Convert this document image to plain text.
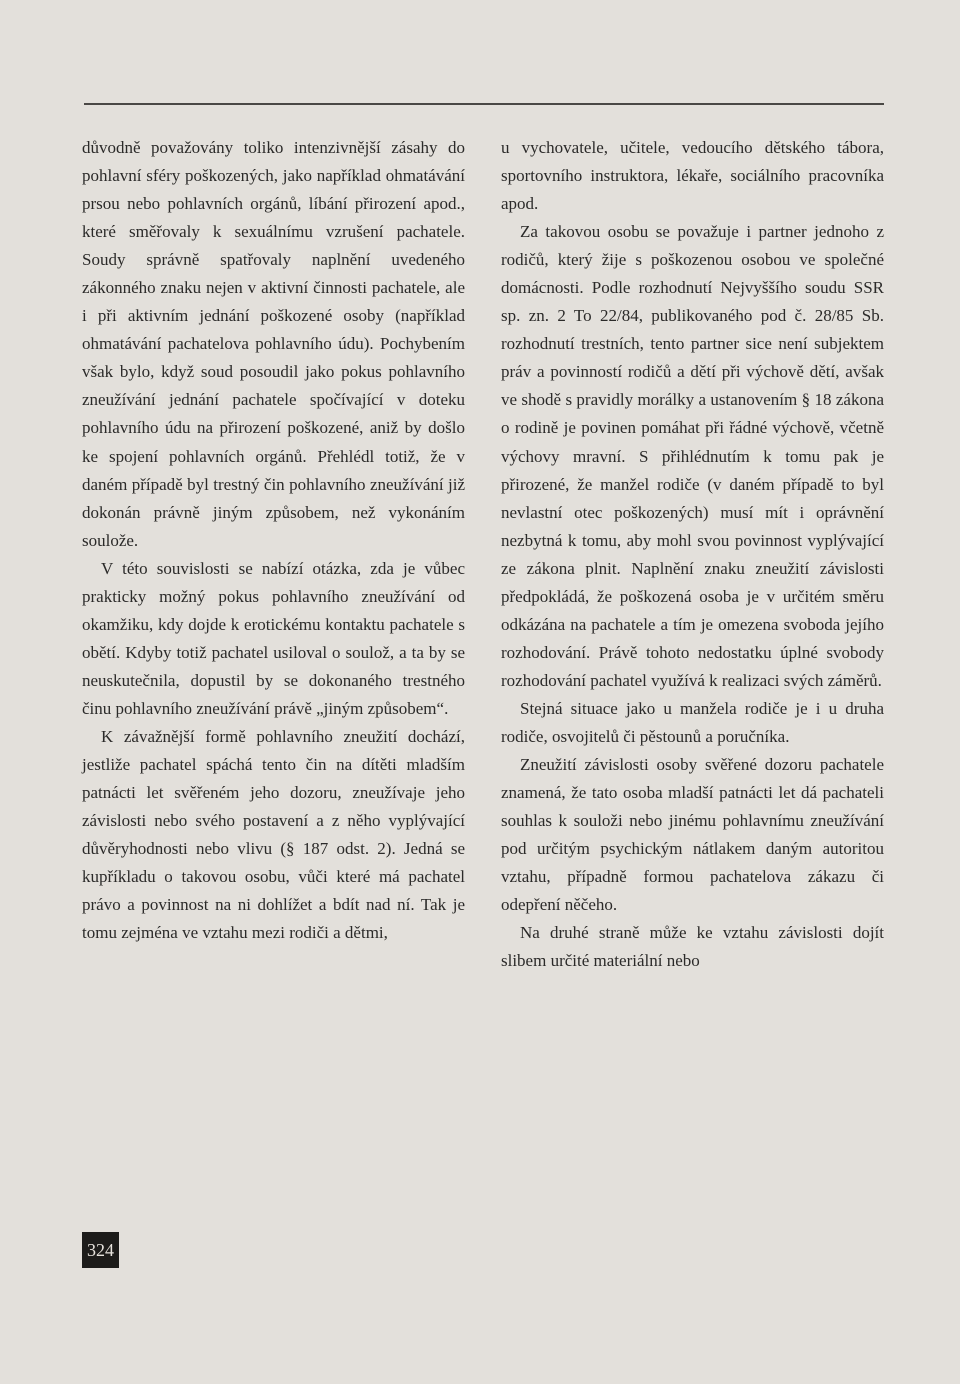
důvodně považovány toliko intenzivnější zásahy do pohlavní sféry poškozených, jako například ohmatávání prsou nebo pohlavních orgánů, líbání přirození apod., které směřovaly k sexuálnímu vzrušení pachatele. Soudy správně spatřovaly naplnění uvedeného zákonného znaku nejen v aktivní činnosti pachatele, ale i při aktivním jednání poškozené osoby (například ohmatávání pachatelova pohlavního údu). Pochybením však bylo, když soud posoudil jako pokus pohlavního zneužívání jednání pachatele spočívající v doteku pohlavního údu na přirození poškozené, aniž by došlo ke spojení pohlavních orgánů. Přehlédl totiž, že v daném případě byl trestný čin pohlavního zneužívání již dokonán právně jiným způsobem, než vykonáním soulože.

V této souvislosti se nabízí otázka, zda je vůbec prakticky možný pokus pohlavního zneužívání od okamžiku, kdy dojde k erotickému kontaktu pachatele s obětí. Kdyby totiž pachatel usiloval o soulož, a ta by se neuskutečnila, dopustil by se dokonaného trestného činu pohlavního zneužívání právě „jiným způsobem“.

K závažnější formě pohlavního zneužití dochází, jestliže pachatel spáchá tento čin na dítěti mladším patnácti let svěřeném jeho dozoru, zneužívaje jeho závislosti nebo svého postavení a z něho vyplývající důvěryhodnosti nebo vlivu (§ 187 odst. 2). Jedná se kupříkladu o takovou osobu, vůči které má pachatel právo a povinnost na ni dohlížet a bdít nad ní. Tak je tomu zejména ve vztahu mezi rodiči a dětmi,

u vychovatele, učitele, vedoucího dětského tábora, sportovního instruktora, lékaře, sociálního pracovníka apod.

Za takovou osobu se považuje i partner jednoho z rodičů, který žije s poškozenou osobou ve společné domácnosti. Podle rozhodnutí Nejvyššího soudu SSR sp. zn. 2 To 22/84, publikovaného pod č. 28/85 Sb. rozhodnutí trestních, tento partner sice není subjektem práv a povinností rodičů a dětí při výchově dětí, avšak ve shodě s pravidly morálky a ustanovením § 18 zákona o rodině je povinen pomáhat při řádné výchově, včetně výchovy mravní. S přihlédnutím k tomu pak je přirozené, že manžel rodiče (v daném případě to byl nevlastní otec poškozených) musí mít i oprávnění nezbytná k tomu, aby mohl svou povinnost vyplývající ze zákona plnit. Naplnění znaku zneužití závislosti předpokládá, že poškozená osoba je v určitém směru odkázána na pachatele a tím je omezena svoboda jejího rozhodování. Právě tohoto nedostatku úplné svobody rozhodování pachatel využívá k realizaci svých záměrů.

Stejná situace jako u manžela rodiče je i u druha rodiče, osvojitelů či pěstounů a poručníka.

Zneužití závislosti osoby svěřené dozoru pachatele znamená, že tato osoba mladší patnácti let dá pachateli souhlas k souloži nebo jinému pohlavnímu zneužívání pod určitým psychickým nátlakem daným autoritou vztahu, případně formou pachatelova zákazu či odepření něčeho.

Na druhé straně může ke vztahu závislosti dojít slibem určité materiální nebo

324
